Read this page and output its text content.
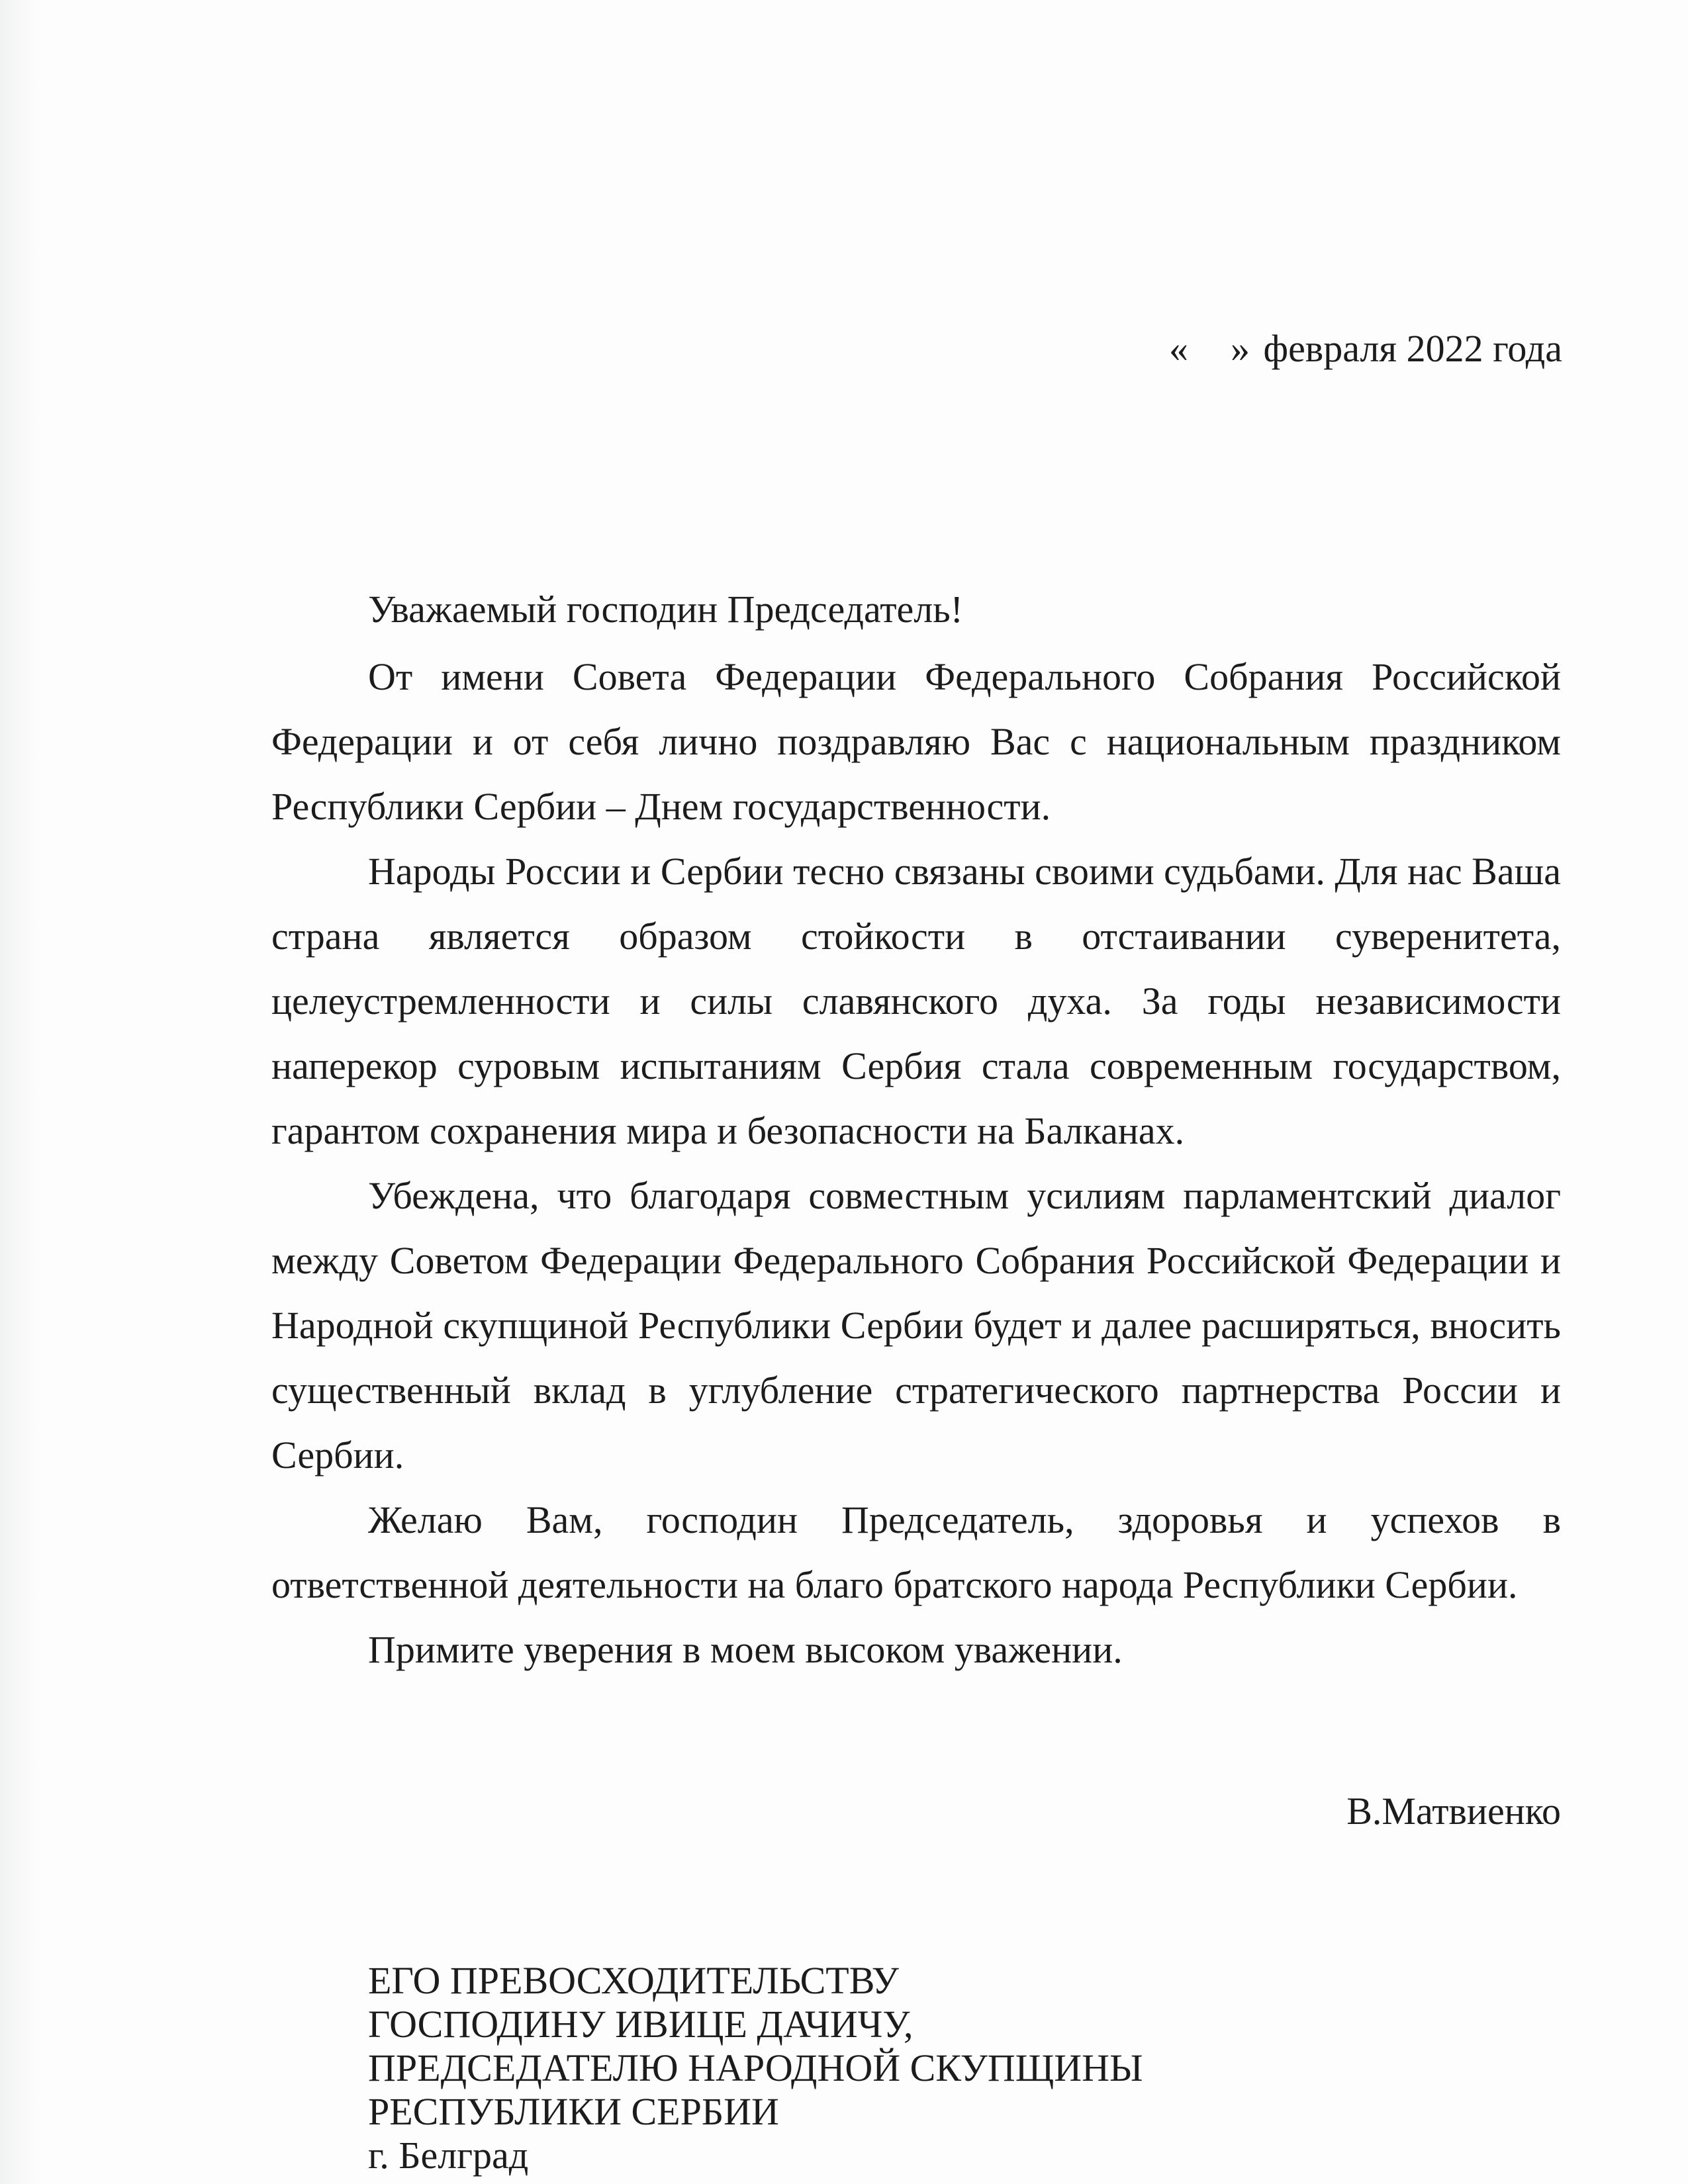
« » февраля 2022 года

Уважаемый господин Председатель!

От имени Совета Федерации Федерального Собрания Российской Федерации и от себя лично поздравляю Вас с национальным праздником Республики Сербии – Днем государственности.

Народы России и Сербии тесно связаны своими судьбами. Для нас Ваша страна является образом стойкости в отстаивании суверенитета, целеустремленности и силы славянского духа. За годы независимости наперекор суровым испытаниям Сербия стала современным государством, гарантом сохранения мира и безопасности на Балканах.

Убеждена, что благодаря совместным усилиям парламентский диалог между Советом Федерации Федерального Собрания Российской Федерации и Народной скупщиной Республики Сербии будет и далее расширяться, вносить существенный вклад в углубление стратегического партнерства России и Сербии.

Желаю Вам, господин Председатель, здоровья и успехов в ответственной деятельности на благо братского народа Республики Сербии.

Примите уверения в моем высоком уважении.

В.Матвиенко
ЕГО ПРЕВОСХОДИТЕЛЬСТВУ
ГОСПОДИНУ ИВИЦЕ ДАЧИЧУ,
ПРЕДСЕДАТЕЛЮ НАРОДНОЙ СКУПЩИНЫ
РЕСПУБЛИКИ СЕРБИИ
г. Белград
